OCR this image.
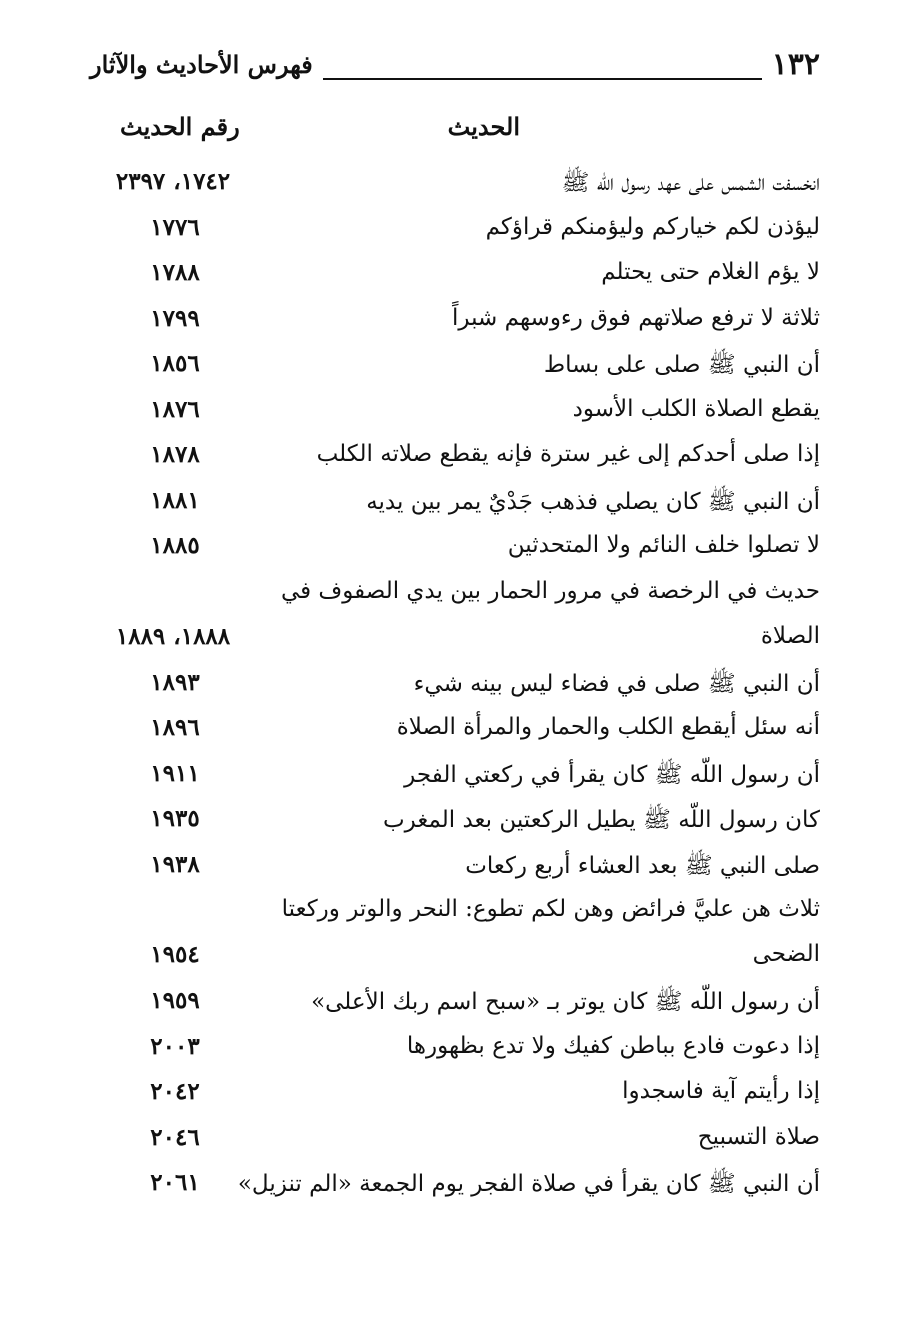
١٣٢
فهرس الأحاديث والآثار
الحديث
رقم الحديث
انخسفت الشمس على عهد رسول اللّه ﷺ
١٧٤٢، ٢٣٩٧
ليؤذن لكم خياركم وليؤمنكم قراؤكم
١٧٧٦
لا يؤم الغلام حتى يحتلم
١٧٨٨
ثلاثة لا ترفع صلاتهم فوق رءوسهم شبراً
١٧٩٩
أن النبي ﷺ صلى على بساط
١٨٥٦
يقطع الصلاة الكلب الأسود
١٨٧٦
إذا صلى أحدكم إلى غير سترة فإنه يقطع صلاته الكلب
١٨٧٨
أن النبي ﷺ كان يصلي فذهب جَدْيٌ يمر بين يديه
١٨٨١
لا تصلوا خلف النائم ولا المتحدثين
١٨٨٥
حديث في الرخصة في مرور الحمار بين يدي الصفوف في
الصلاة
١٨٨٨، ١٨٨٩
أن النبي ﷺ صلى في فضاء ليس بينه شيء
١٨٩٣
أنه سئل أيقطع الكلب والحمار والمرأة الصلاة
١٨٩٦
أن رسول اللّه ﷺ كان يقرأ في ركعتي الفجر
١٩١١
كان رسول اللّه ﷺ يطيل الركعتين بعد المغرب
١٩٣٥
صلى النبي ﷺ بعد العشاء أربع ركعات
١٩٣٨
ثلاث هن عليَّ فرائض وهن لكم تطوع: النحر والوتر وركعتا
الضحى
١٩٥٤
أن رسول اللّه ﷺ كان يوتر بـ «سبح اسم ربك الأعلى»
١٩٥٩
إذا دعوت فادع بباطن كفيك ولا تدع بظهورها
٢٠٠٣
إذا رأيتم آية فاسجدوا
٢٠٤٢
صلاة التسبيح
٢٠٤٦
أن النبي ﷺ كان يقرأ في صلاة الفجر يوم الجمعة «الم تنزيل»
٢٠٦١
